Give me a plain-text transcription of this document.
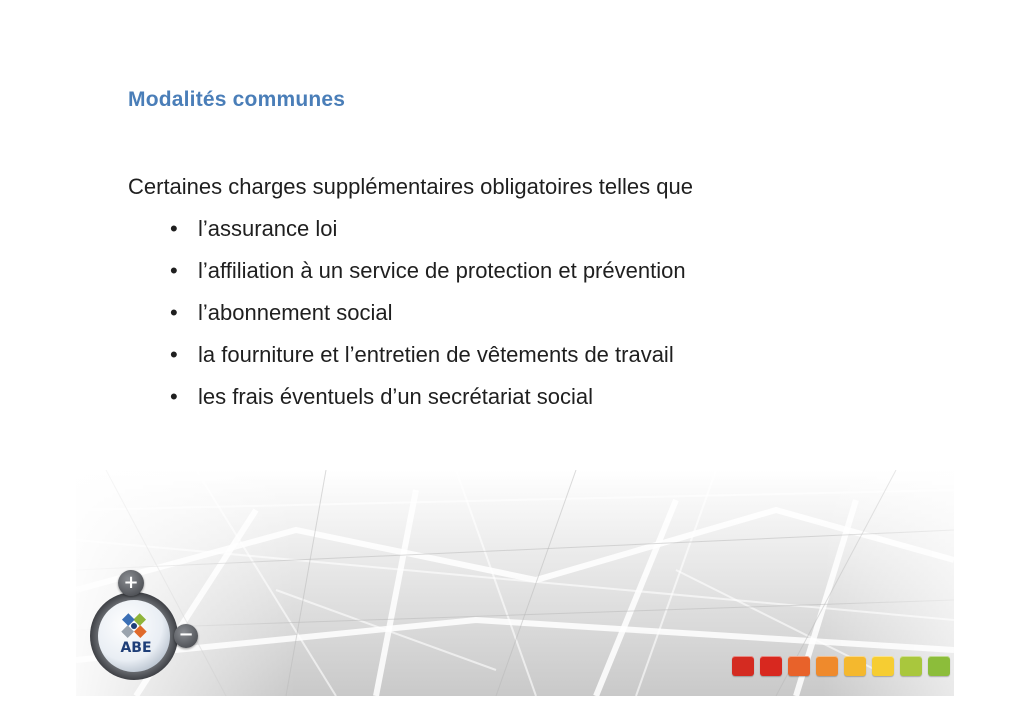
Modalités communes
Certaines charges supplémentaires obligatoires telles que
• l’assurance loi
• l’affiliation à un service de protection et prévention
• l’abonnement social
• la fourniture et l’entretien de vêtements de travail
• les frais éventuels d’un secrétariat social
+
−
ABE
